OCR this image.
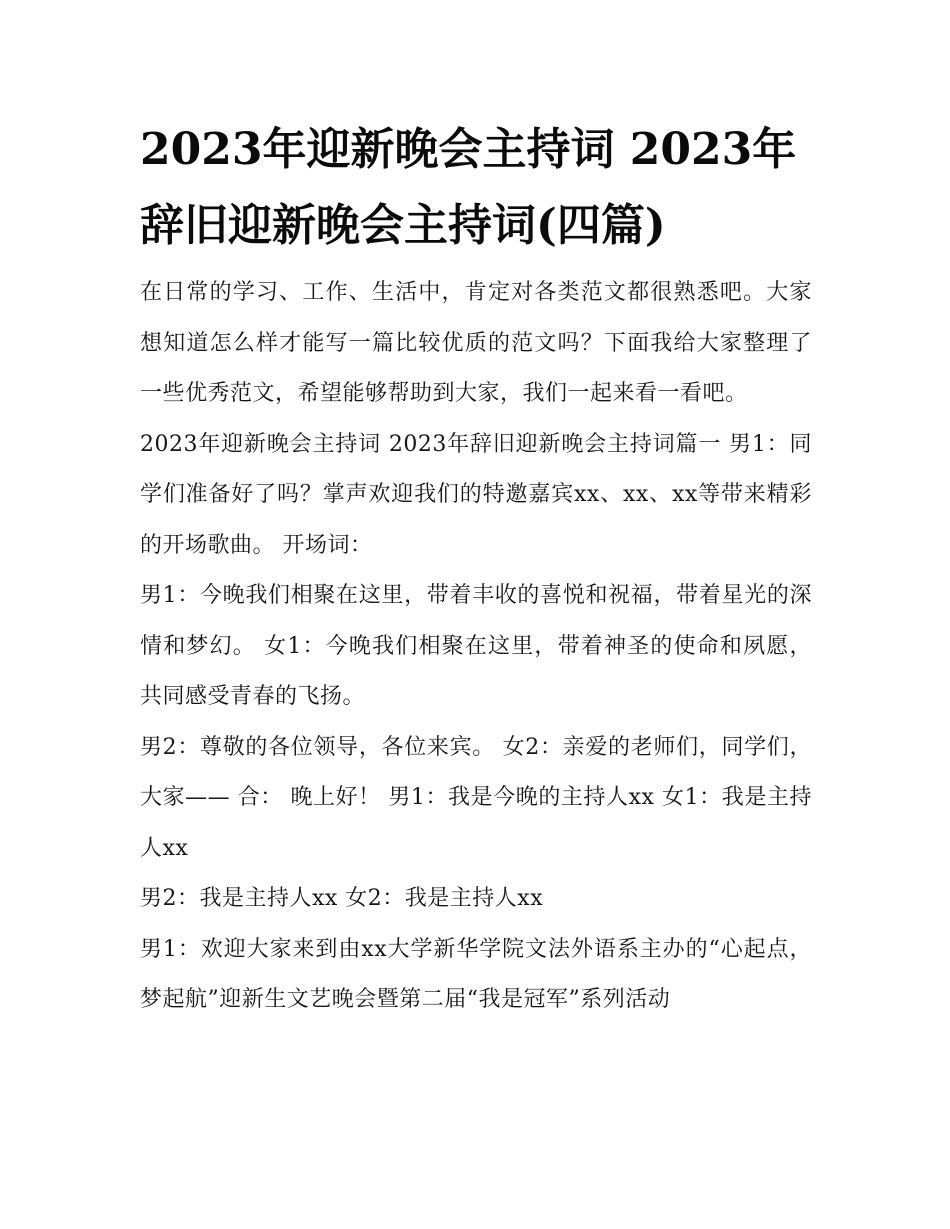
2023年迎新晚会主持词 2023年辞旧迎新晚会主持词(四篇)

在日常的学习、工作、生活中，肯定对各类范文都很熟悉吧。大家想知道怎么样才能写一篇比较优质的范文吗？下面我给大家整理了一些优秀范文，希望能够帮助到大家，我们一起来看一看吧。

2023年迎新晚会主持词 2023年辞旧迎新晚会主持词篇一 男1：同学们准备好了吗？掌声欢迎我们的特邀嘉宾xx、xx、xx等带来精彩的开场歌曲。 开场词：

男1：今晚我们相聚在这里，带着丰收的喜悦和祝福，带着星光的深情和梦幻。 女1：今晚我们相聚在这里，带着神圣的使命和夙愿，共同感受青春的飞扬。

男2：尊敬的各位领导，各位来宾。 女2：亲爱的老师们，同学们，大家—— 合： 晚上好！ 男1：我是今晚的主持人xx 女1：我是主持人xx

男2：我是主持人xx 女2：我是主持人xx

男1：欢迎大家来到由xx大学新华学院文法外语系主办的“心起点，梦起航”迎新生文艺晚会暨第二届“我是冠军”系列活动
